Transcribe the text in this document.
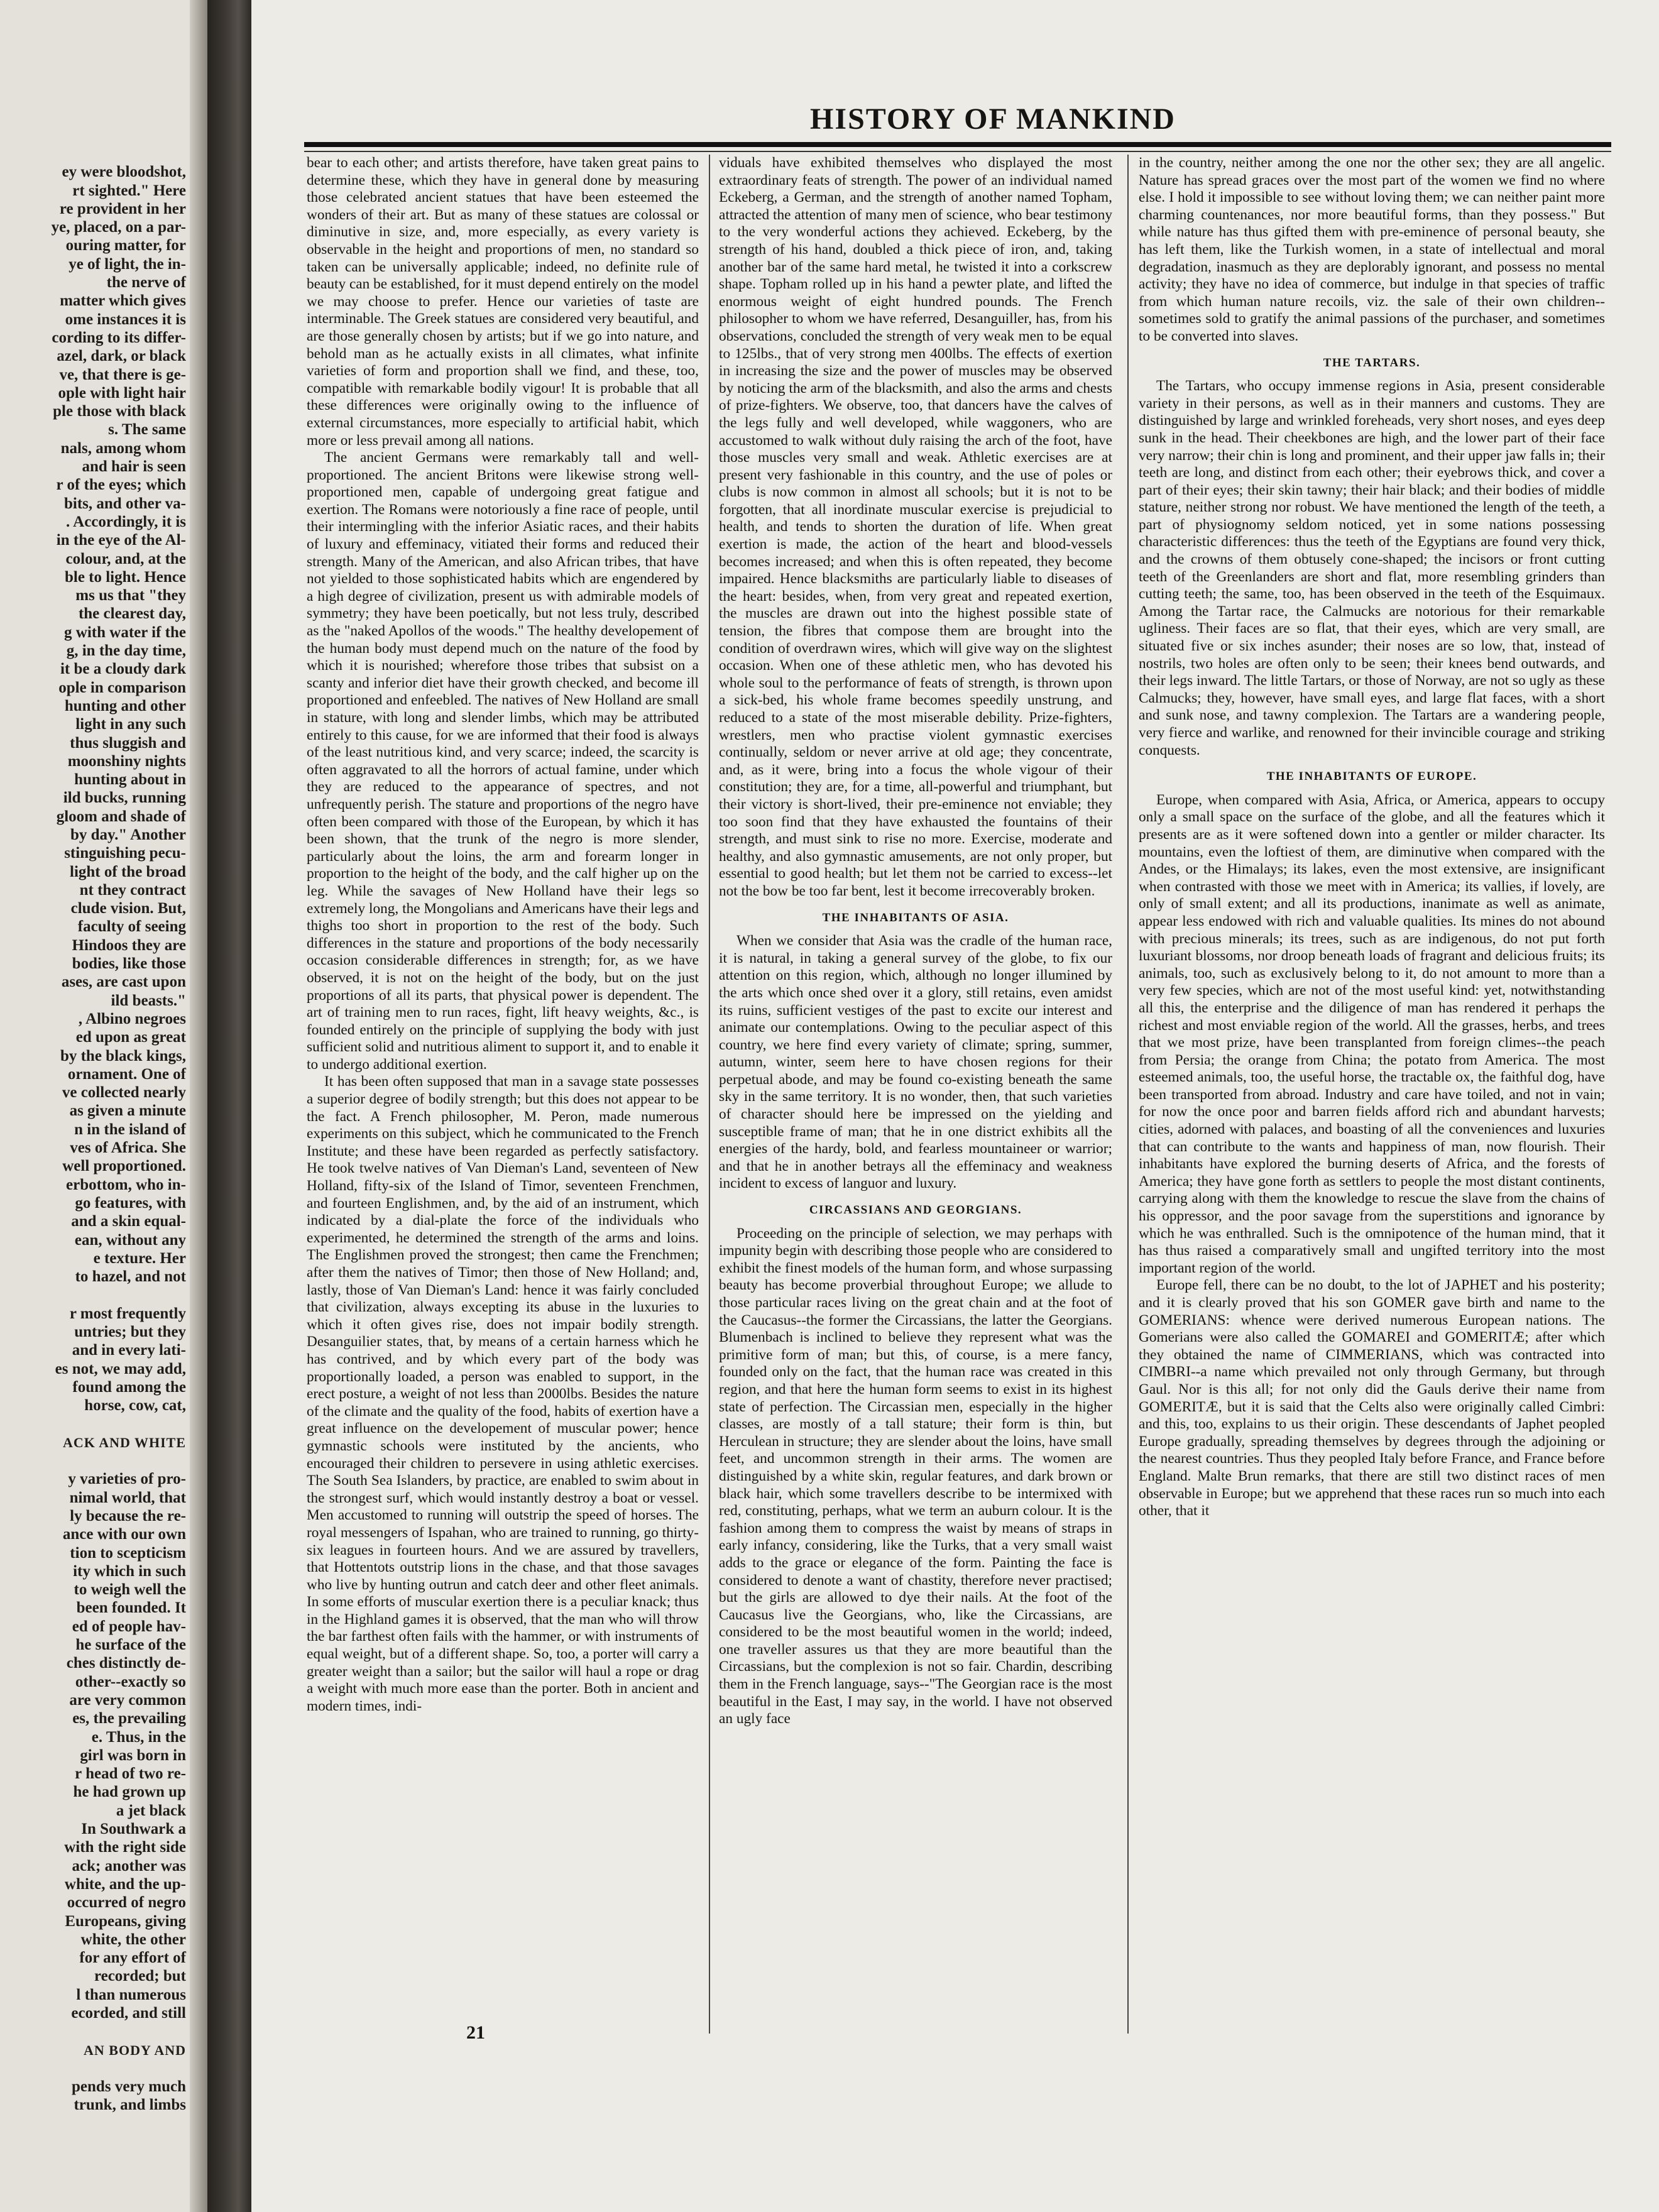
ey were bloodshot,
rt sighted." Here
re provident in her
ye, placed, on a par-
ouring matter, for
ye of light, the in-
the nerve of
matter which gives
ome instances it is
cording to its differ-
azel, dark, or black
ve, that there is ge-
ople with light hair
ple those with black
s. The same
nals, among whom
and hair is seen
r of the eyes; which
bits, and other va-
. Accordingly, it is
in the eye of the Al-
colour, and, at the
ble to light. Hence
ms us that "they
the clearest day,
g with water if the
g, in the day time,
it be a cloudy dark
ople in comparison
hunting and other
light in any such
thus sluggish and
moonshiny nights
hunting about in
ild bucks, running
gloom and shade of
by day." Another
stinguishing pecu-
light of the broad
nt they contract
clude vision. But,
faculty of seeing
Hindoos they are
bodies, like those
ases, are cast upon
ild beasts."
, Albino negroes
ed upon as great
by the black kings,
ornament. One of
ve collected nearly
as given a minute
n in the island of
ves of Africa. She
well proportioned.
erbottom, who in-
go features, with
and a skin equal-
ean, without any
e texture. Her
to hazel, and not

r most frequently
untries; but they
and in every lati-
es not, we may add,
found among the
horse, cow, cat,

ACK AND WHITE

y varieties of pro-
nimal world, that
ly because the re-
ance with our own
tion to scepticism
ity which in such
to weigh well the
been founded. It
ed of people hav-
he surface of the
ches distinctly de-
other--exactly so
are very common
es, the prevailing
e. Thus, in the
girl was born in
r head of two re-
he had grown up
a jet black
In Southwark a
with the right side
ack; another was
white, and the up-
occurred of negro
Europeans, giving
white, the other
for any effort of
recorded; but
l than numerous
ecorded, and still

AN BODY AND

pends very much
trunk, and limbs

HISTORY OF MANKIND

bear to each other; and artists therefore, have taken great pains to determine these, which they have in general done by measuring those celebrated ancient statues that have been esteemed the wonders of their art. But as many of these statues are colossal or diminutive in size, and, more especially, as every variety is observable in the height and proportions of men, no standard so taken can be universally applicable; indeed, no definite rule of beauty can be established, for it must depend entirely on the model we may choose to prefer. Hence our varieties of taste are interminable. The Greek statues are considered very beautiful, and are those generally chosen by artists; but if we go into nature, and behold man as he actually exists in all climates, what infinite varieties of form and proportion shall we find, and these, too, compatible with remarkable bodily vigour! It is probable that all these differences were originally owing to the influence of external circumstances, more especially to artificial habit, which more or less prevail among all nations.

The ancient Germans were remarkably tall and well-proportioned. The ancient Britons were likewise strong well-proportioned men, capable of undergoing great fatigue and exertion. The Romans were notoriously a fine race of people, until their intermingling with the inferior Asiatic races, and their habits of luxury and effeminacy, vitiated their forms and reduced their strength. Many of the American, and also African tribes, that have not yielded to those sophisticated habits which are engendered by a high degree of civilization, present us with admirable models of symmetry; they have been poetically, but not less truly, described as the "naked Apollos of the woods." The healthy developement of the human body must depend much on the nature of the food by which it is nourished; wherefore those tribes that subsist on a scanty and inferior diet have their growth checked, and become ill proportioned and enfeebled. The natives of New Holland are small in stature, with long and slender limbs, which may be attributed entirely to this cause, for we are informed that their food is always of the least nutritious kind, and very scarce; indeed, the scarcity is often aggravated to all the horrors of actual famine, under which they are reduced to the appearance of spectres, and not unfrequently perish. The stature and proportions of the negro have often been compared with those of the European, by which it has been shown, that the trunk of the negro is more slender, particularly about the loins, the arm and forearm longer in proportion to the height of the body, and the calf higher up on the leg. While the savages of New Holland have their legs so extremely long, the Mongolians and Americans have their legs and thighs too short in proportion to the rest of the body. Such differences in the stature and proportions of the body necessarily occasion considerable differences in strength; for, as we have observed, it is not on the height of the body, but on the just proportions of all its parts, that physical power is dependent. The art of training men to run races, fight, lift heavy weights, &c., is founded entirely on the principle of supplying the body with just sufficient solid and nutritious aliment to support it, and to enable it to undergo additional exertion.

It has been often supposed that man in a savage state possesses a superior degree of bodily strength; but this does not appear to be the fact. A French philosopher, M. Peron, made numerous experiments on this subject, which he communicated to the French Institute; and these have been regarded as perfectly satisfactory. He took twelve natives of Van Dieman's Land, seventeen of New Holland, fifty-six of the Island of Timor, seventeen Frenchmen, and fourteen Englishmen, and, by the aid of an instrument, which indicated by a dial-plate the force of the individuals who experimented, he determined the strength of the arms and loins. The Englishmen proved the strongest; then came the Frenchmen; after them the natives of Timor; then those of New Holland; and, lastly, those of Van Dieman's Land: hence it was fairly concluded that civilization, always excepting its abuse in the luxuries to which it often gives rise, does not impair bodily strength. Desanguilier states, that, by means of a certain harness which he has contrived, and by which every part of the body was proportionally loaded, a person was enabled to support, in the erect posture, a weight of not less than 2000lbs. Besides the nature of the climate and the quality of the food, habits of exertion have a great influence on the developement of muscular power; hence gymnastic schools were instituted by the ancients, who encouraged their children to persevere in using athletic exercises. The South Sea Islanders, by practice, are enabled to swim about in the strongest surf, which would instantly destroy a boat or vessel. Men accustomed to running will outstrip the speed of horses. The royal messengers of Ispahan, who are trained to running, go thirty-six leagues in fourteen hours. And we are assured by travellers, that Hottentots outstrip lions in the chase, and that those savages who live by hunting outrun and catch deer and other fleet animals. In some efforts of muscular exertion there is a peculiar knack; thus in the Highland games it is observed, that the man who will throw the bar farthest often fails with the hammer, or with instruments of equal weight, but of a different shape. So, too, a porter will carry a greater weight than a sailor; but the sailor will haul a rope or drag a weight with much more ease than the porter. Both in ancient and modern times, indi-

viduals have exhibited themselves who displayed the most extraordinary feats of strength. The power of an individual named Eckeberg, a German, and the strength of another named Topham, attracted the attention of many men of science, who bear testimony to the very wonderful actions they achieved. Eckeberg, by the strength of his hand, doubled a thick piece of iron, and, taking another bar of the same hard metal, he twisted it into a corkscrew shape. Topham rolled up in his hand a pewter plate, and lifted the enormous weight of eight hundred pounds. The French philosopher to whom we have referred, Desanguiller, has, from his observations, concluded the strength of very weak men to be equal to 125lbs., that of very strong men 400lbs. The effects of exertion in increasing the size and the power of muscles may be observed by noticing the arm of the blacksmith, and also the arms and chests of prize-fighters. We observe, too, that dancers have the calves of the legs fully and well developed, while waggoners, who are accustomed to walk without duly raising the arch of the foot, have those muscles very small and weak. Athletic exercises are at present very fashionable in this country, and the use of poles or clubs is now common in almost all schools; but it is not to be forgotten, that all inordinate muscular exercise is prejudicial to health, and tends to shorten the duration of life. When great exertion is made, the action of the heart and blood-vessels becomes increased; and when this is often repeated, they become impaired. Hence blacksmiths are particularly liable to diseases of the heart: besides, when, from very great and repeated exertion, the muscles are drawn out into the highest possible state of tension, the fibres that compose them are brought into the condition of overdrawn wires, which will give way on the slightest occasion. When one of these athletic men, who has devoted his whole soul to the performance of feats of strength, is thrown upon a sick-bed, his whole frame becomes speedily unstrung, and reduced to a state of the most miserable debility. Prize-fighters, wrestlers, men who practise violent gymnastic exercises continually, seldom or never arrive at old age; they concentrate, and, as it were, bring into a focus the whole vigour of their constitution; they are, for a time, all-powerful and triumphant, but their victory is short-lived, their pre-eminence not enviable; they too soon find that they have exhausted the fountains of their strength, and must sink to rise no more. Exercise, moderate and healthy, and also gymnastic amusements, are not only proper, but essential to good health; but let them not be carried to excess--let not the bow be too far bent, lest it become irrecoverably broken.

THE INHABITANTS OF ASIA.

When we consider that Asia was the cradle of the human race, it is natural, in taking a general survey of the globe, to fix our attention on this region, which, although no longer illumined by the arts which once shed over it a glory, still retains, even amidst its ruins, sufficient vestiges of the past to excite our interest and animate our contemplations. Owing to the peculiar aspect of this country, we here find every variety of climate; spring, summer, autumn, winter, seem here to have chosen regions for their perpetual abode, and may be found co-existing beneath the same sky in the same territory. It is no wonder, then, that such varieties of character should here be impressed on the yielding and susceptible frame of man; that he in one district exhibits all the energies of the hardy, bold, and fearless mountaineer or warrior; and that he in another betrays all the effeminacy and weakness incident to excess of languor and luxury.

CIRCASSIANS AND GEORGIANS.

Proceeding on the principle of selection, we may perhaps with impunity begin with describing those people who are considered to exhibit the finest models of the human form, and whose surpassing beauty has become proverbial throughout Europe; we allude to those particular races living on the great chain and at the foot of the Caucasus--the former the Circassians, the latter the Georgians. Blumenbach is inclined to believe they represent what was the primitive form of man; but this, of course, is a mere fancy, founded only on the fact, that the human race was created in this region, and that here the human form seems to exist in its highest state of perfection. The Circassian men, especially in the higher classes, are mostly of a tall stature; their form is thin, but Herculean in structure; they are slender about the loins, have small feet, and uncommon strength in their arms. The women are distinguished by a white skin, regular features, and dark brown or black hair, which some travellers describe to be intermixed with red, constituting, perhaps, what we term an auburn colour. It is the fashion among them to compress the waist by means of straps in early infancy, considering, like the Turks, that a very small waist adds to the grace or elegance of the form. Painting the face is considered to denote a want of chastity, therefore never practised; but the girls are allowed to dye their nails. At the foot of the Caucasus live the Georgians, who, like the Circassians, are considered to be the most beautiful women in the world; indeed, one traveller assures us that they are more beautiful than the Circassians, but the complexion is not so fair. Chardin, describing them in the French language, says--"The Georgian race is the most beautiful in the East, I may say, in the world. I have not observed an ugly face

in the country, neither among the one nor the other sex; they are all angelic. Nature has spread graces over the most part of the women we find no where else. I hold it impossible to see without loving them; we can neither paint more charming countenances, nor more beautiful forms, than they possess." But while nature has thus gifted them with pre-eminence of personal beauty, she has left them, like the Turkish women, in a state of intellectual and moral degradation, inasmuch as they are deplorably ignorant, and possess no mental activity; they have no idea of commerce, but indulge in that species of traffic from which human nature recoils, viz. the sale of their own children--sometimes sold to gratify the animal passions of the purchaser, and sometimes to be converted into slaves.

THE TARTARS.

The Tartars, who occupy immense regions in Asia, present considerable variety in their persons, as well as in their manners and customs. They are distinguished by large and wrinkled foreheads, very short noses, and eyes deep sunk in the head. Their cheekbones are high, and the lower part of their face very narrow; their chin is long and prominent, and their upper jaw falls in; their teeth are long, and distinct from each other; their eyebrows thick, and cover a part of their eyes; their skin tawny; their hair black; and their bodies of middle stature, neither strong nor robust. We have mentioned the length of the teeth, a part of physiognomy seldom noticed, yet in some nations possessing characteristic differences: thus the teeth of the Egyptians are found very thick, and the crowns of them obtusely cone-shaped; the incisors or front cutting teeth of the Greenlanders are short and flat, more resembling grinders than cutting teeth; the same, too, has been observed in the teeth of the Esquimaux. Among the Tartar race, the Calmucks are notorious for their remarkable ugliness. Their faces are so flat, that their eyes, which are very small, are situated five or six inches asunder; their noses are so low, that, instead of nostrils, two holes are often only to be seen; their knees bend outwards, and their legs inward. The little Tartars, or those of Norway, are not so ugly as these Calmucks; they, however, have small eyes, and large flat faces, with a short and sunk nose, and tawny complexion. The Tartars are a wandering people, very fierce and warlike, and renowned for their invincible courage and striking conquests.

THE INHABITANTS OF EUROPE.

Europe, when compared with Asia, Africa, or America, appears to occupy only a small space on the surface of the globe, and all the features which it presents are as it were softened down into a gentler or milder character. Its mountains, even the loftiest of them, are diminutive when compared with the Andes, or the Himalays; its lakes, even the most extensive, are insignificant when contrasted with those we meet with in America; its vallies, if lovely, are only of small extent; and all its productions, inanimate as well as animate, appear less endowed with rich and valuable qualities. Its mines do not abound with precious minerals; its trees, such as are indigenous, do not put forth luxuriant blossoms, nor droop beneath loads of fragrant and delicious fruits; its animals, too, such as exclusively belong to it, do not amount to more than a very few species, which are not of the most useful kind: yet, notwithstanding all this, the enterprise and the diligence of man has rendered it perhaps the richest and most enviable region of the world. All the grasses, herbs, and trees that we most prize, have been transplanted from foreign climes--the peach from Persia; the orange from China; the potato from America. The most esteemed animals, too, the useful horse, the tractable ox, the faithful dog, have been transported from abroad. Industry and care have toiled, and not in vain; for now the once poor and barren fields afford rich and abundant harvests; cities, adorned with palaces, and boasting of all the conveniences and luxuries that can contribute to the wants and happiness of man, now flourish. Their inhabitants have explored the burning deserts of Africa, and the forests of America; they have gone forth as settlers to people the most distant continents, carrying along with them the knowledge to rescue the slave from the chains of his oppressor, and the poor savage from the superstitions and ignorance by which he was enthralled. Such is the omnipotence of the human mind, that it has thus raised a comparatively small and ungifted territory into the most important region of the world.

Europe fell, there can be no doubt, to the lot of JAPHET and his posterity; and it is clearly proved that his son GOMER gave birth and name to the GOMERIANS: whence were derived numerous European nations. The Gomerians were also called the GOMAREI and GOMERITÆ; after which they obtained the name of CIMMERIANS, which was contracted into CIMBRI--a name which prevailed not only through Germany, but through Gaul. Nor is this all; for not only did the Gauls derive their name from GOMERITÆ, but it is said that the Celts also were originally called Cimbri: and this, too, explains to us their origin. These descendants of Japhet peopled Europe gradually, spreading themselves by degrees through the adjoining or the nearest countries. Thus they peopled Italy before France, and France before England. Malte Brun remarks, that there are still two distinct races of men observable in Europe; but we apprehend that these races run so much into each other, that it

21
